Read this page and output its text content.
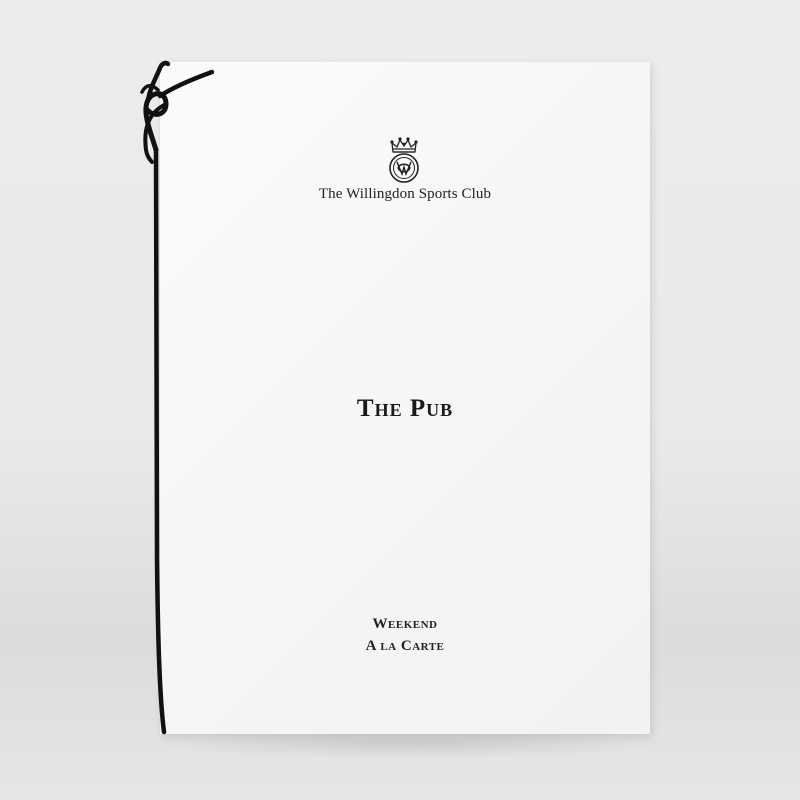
The Willingdon Sports Club
The Pub
Weekend
A la Carte
